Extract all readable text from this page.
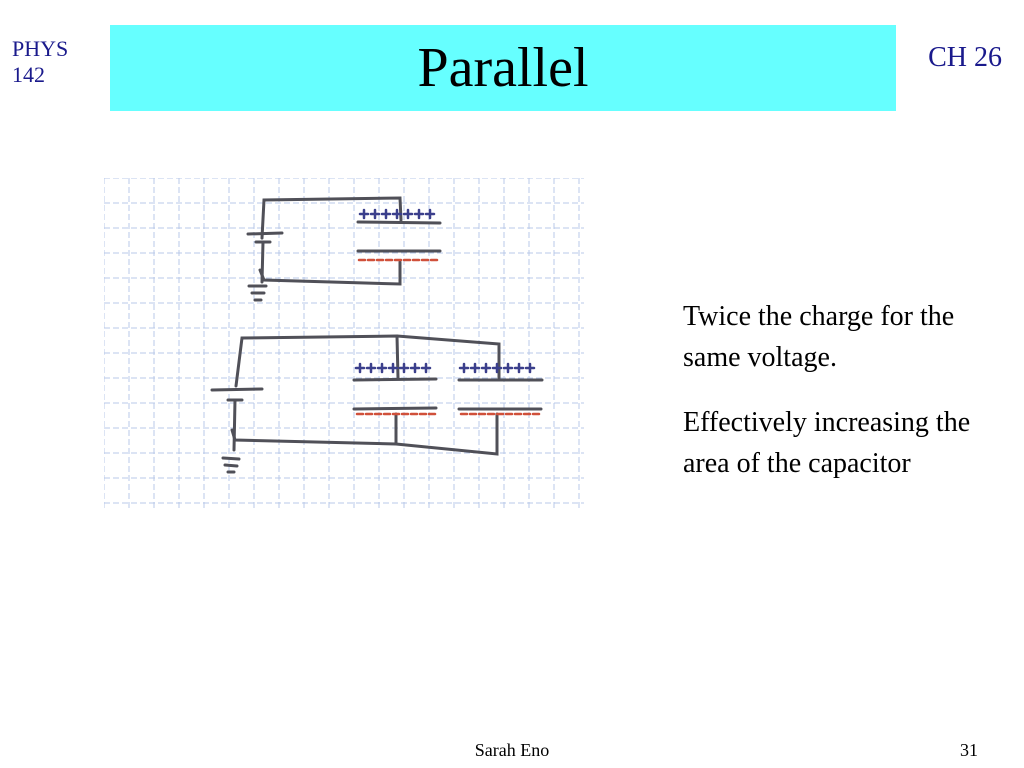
PHYS 142
CH 26
Parallel

Twice the charge for the same voltage.

Effectively increasing the area of the capacitor

Sarah Eno	31
